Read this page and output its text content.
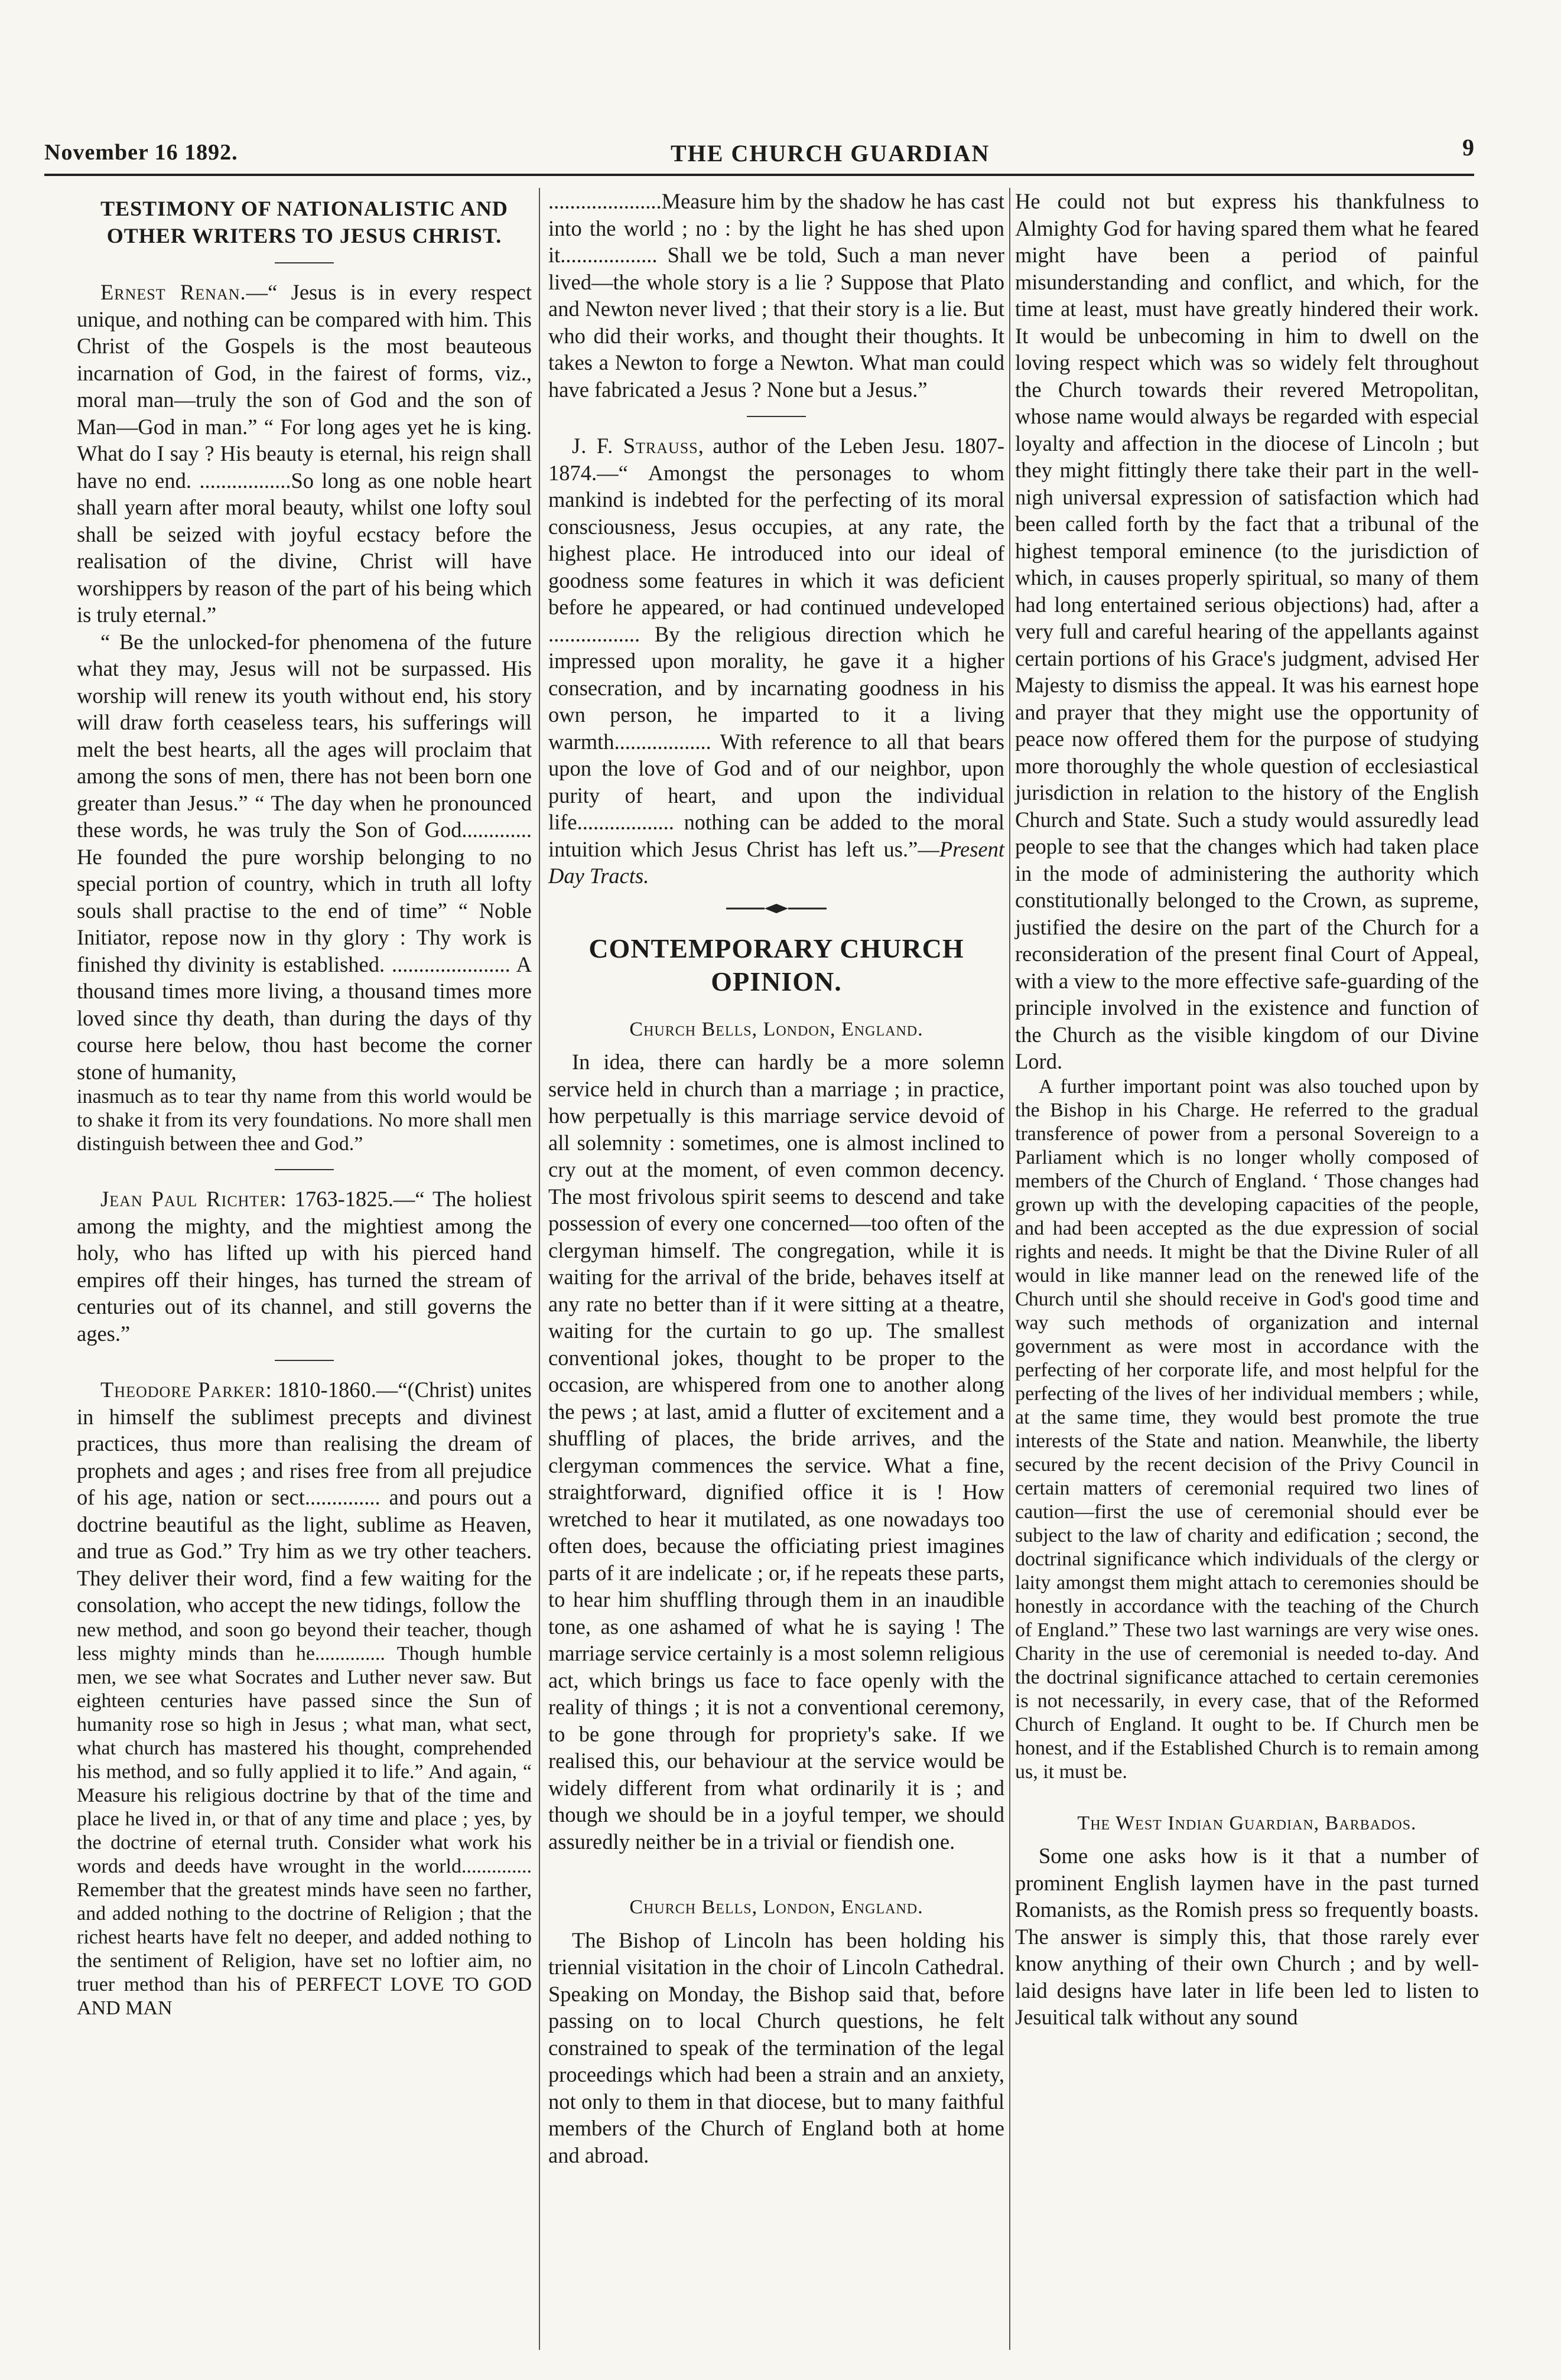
November 16 1892.	THE CHURCH GUARDIAN	9
TESTIMONY OF NATIONALISTIC AND OTHER WRITERS TO JESUS CHRIST.

Ernest Renan.—“ Jesus is in every respect unique, and nothing can be compared with him. This Christ of the Gospels is the most beauteous incarnation of God, in the fairest of forms, viz., moral man—truly the son of God and the son of Man—God in man.” “ For long ages yet he is king. What do I say ? His beauty is eternal, his reign shall have no end. .................So long as one noble heart shall yearn after moral beauty, whilst one lofty soul shall be seized with joyful ecstacy before the realisation of the divine, Christ will have worshippers by reason of the part of his being which is truly eternal.”

“ Be the unlocked-for phenomena of the future what they may, Jesus will not be surpassed. His worship will renew its youth without end, his story will draw forth ceaseless tears, his sufferings will melt the best hearts, all the ages will proclaim that among the sons of men, there has not been born one greater than Jesus.” “ The day when he pronounced these words, he was truly the Son of God............. He founded the pure worship belonging to no special portion of country, which in truth all lofty souls shall practise to the end of time” “ Noble Initiator, repose now in thy glory : Thy work is finished thy divinity is established. ...................... A thousand times more living, a thousand times more loved since thy death, than during the days of thy course here below, thou hast become the corner stone of humanity,

inasmuch as to tear thy name from this world would be to shake it from its very foundations. No more shall men distinguish between thee and God.”

Jean Paul Richter: 1763-1825.—“ The holiest among the mighty, and the mightiest among the holy, who has lifted up with his pierced hand empires off their hinges, has turned the stream of centuries out of its channel, and still governs the ages.”

Theodore Parker: 1810-1860.—“(Christ) unites in himself the sublimest precepts and divinest practices, thus more than realising the dream of prophets and ages ; and rises free from all prejudice of his age, nation or sect.............. and pours out a doctrine beautiful as the light, sublime as Heaven, and true as God.” Try him as we try other teachers. They deliver their word, find a few waiting for the consolation, who accept the new tidings, follow the

new method, and soon go beyond their teacher, though less mighty minds than he.............. Though humble men, we see what Socrates and Luther never saw. But eighteen centuries have passed since the Sun of humanity rose so high in Jesus ; what man, what sect, what church has mastered his thought, comprehended his method, and so fully applied it to life.” And again, “ Measure his religious doctrine by that of the time and place he lived in, or that of any time and place ; yes, by the doctrine of eternal truth. Consider what work his words and deeds have wrought in the world.............. Remember that the greatest minds have seen no farther, and added nothing to the doctrine of Religion ; that the richest hearts have felt no deeper, and added nothing to the sentiment of Religion, have set no loftier aim, no truer method than his of PERFECT LOVE TO GOD AND MAN

.....................Measure him by the shadow he has cast into the world ; no : by the light he has shed upon it.................. Shall we be told, Such a man never lived—the whole story is a lie ? Suppose that Plato and Newton never lived ; that their story is a lie. But who did their works, and thought their thoughts. It takes a Newton to forge a Newton. What man could have fabricated a Jesus ? None but a Jesus.”

J. F. Strauss, author of the Leben Jesu. 1807-1874.—“ Amongst the personages to whom mankind is indebted for the perfecting of its moral consciousness, Jesus occupies, at any rate, the highest place. He introduced into our ideal of goodness some features in which it was deficient before he appeared, or had continued undeveloped ................. By the religious direction which he impressed upon morality, he gave it a higher consecration, and by incarnating goodness in his own person, he imparted to it a living warmth.................. With reference to all that bears upon the love of God and of our neighbor, upon purity of heart, and upon the individual life.................. nothing can be added to the moral intuition which Jesus Christ has left us.”—Present Day Tracts.

CONTEMPORARY CHURCH OPINION.
Church Bells, London, England.

In idea, there can hardly be a more solemn service held in church than a marriage ; in practice, how perpetually is this marriage service devoid of all solemnity : sometimes, one is almost inclined to cry out at the moment, of even common decency. The most frivolous spirit seems to descend and take possession of every one concerned—too often of the clergyman himself. The congregation, while it is waiting for the arrival of the bride, behaves itself at any rate no better than if it were sitting at a theatre, waiting for the curtain to go up. The smallest conventional jokes, thought to be proper to the occasion, are whispered from one to another along the pews ; at last, amid a flutter of excitement and a shuffling of places, the bride arrives, and the clergyman commences the service. What a fine, straightforward, dignified office it is ! How wretched to hear it mutilated, as one nowadays too often does, because the officiating priest imagines parts of it are indelicate ; or, if he repeats these parts, to hear him shuffling through them in an inaudible tone, as one ashamed of what he is saying ! The marriage service certainly is a most solemn religious act, which brings us face to face openly with the reality of things ; it is not a conventional ceremony, to be gone through for propriety's sake. If we realised this, our behaviour at the service would be widely different from what ordinarily it is ; and though we should be in a joyful temper, we should assuredly neither be in a trivial or fiendish one.

Church Bells, London, England.

The Bishop of Lincoln has been holding his triennial visitation in the choir of Lincoln Cathedral. Speaking on Monday, the Bishop said that, before passing on to local Church questions, he felt constrained to speak of the termination of the legal proceedings which had been a strain and an anxiety, not only to them in that diocese, but to many faithful members of the Church of England both at home and abroad.

He could not but express his thankfulness to Almighty God for having spared them what he feared might have been a period of painful misunderstanding and conflict, and which, for the time at least, must have greatly hindered their work. It would be unbecoming in him to dwell on the loving respect which was so widely felt throughout the Church towards their revered Metropolitan, whose name would always be regarded with especial loyalty and affection in the diocese of Lincoln ; but they might fittingly there take their part in the well-nigh universal expression of satisfaction which had been called forth by the fact that a tribunal of the highest temporal eminence (to the jurisdiction of which, in causes properly spiritual, so many of them had long entertained serious objections) had, after a very full and careful hearing of the appellants against certain portions of his Grace's judgment, advised Her Majesty to dismiss the appeal. It was his earnest hope and prayer that they might use the opportunity of peace now offered them for the purpose of studying more thoroughly the whole question of ecclesiastical jurisdiction in relation to the history of the English Church and State. Such a study would assuredly lead people to see that the changes which had taken place in the mode of administering the authority which constitutionally belonged to the Crown, as supreme, justified the desire on the part of the Church for a reconsideration of the present final Court of Appeal, with a view to the more effective safe-guarding of the principle involved in the existence and function of the Church as the visible kingdom of our Divine Lord.

A further important point was also touched upon by the Bishop in his Charge. He referred to the gradual transference of power from a personal Sovereign to a Parliament which is no longer wholly composed of members of the Church of England. ‘ Those changes had grown up with the developing capacities of the people, and had been accepted as the due expression of social rights and needs. It might be that the Divine Ruler of all would in like manner lead on the renewed life of the Church until she should receive in God's good time and way such methods of organization and internal government as were most in accordance with the perfecting of her corporate life, and most helpful for the perfecting of the lives of her individual members ; while, at the same time, they would best promote the true interests of the State and nation. Meanwhile, the liberty secured by the recent decision of the Privy Council in certain matters of ceremonial required two lines of caution—first the use of ceremonial should ever be subject to the law of charity and edification ; second, the doctrinal significance which individuals of the clergy or laity amongst them might attach to ceremonies should be honestly in accordance with the teaching of the Church of England.” These two last warnings are very wise ones. Charity in the use of ceremonial is needed to-day. And the doctrinal significance attached to certain ceremonies is not necessarily, in every case, that of the Reformed Church of England. It ought to be. If Church men be honest, and if the Established Church is to remain among us, it must be.

The West Indian Guardian, Barbados.

Some one asks how is it that a number of prominent English laymen have in the past turned Romanists, as the Romish press so frequently boasts. The answer is simply this, that those rarely ever know anything of their own Church ; and by well-laid designs have later in life been led to listen to Jesuitical talk without any sound
